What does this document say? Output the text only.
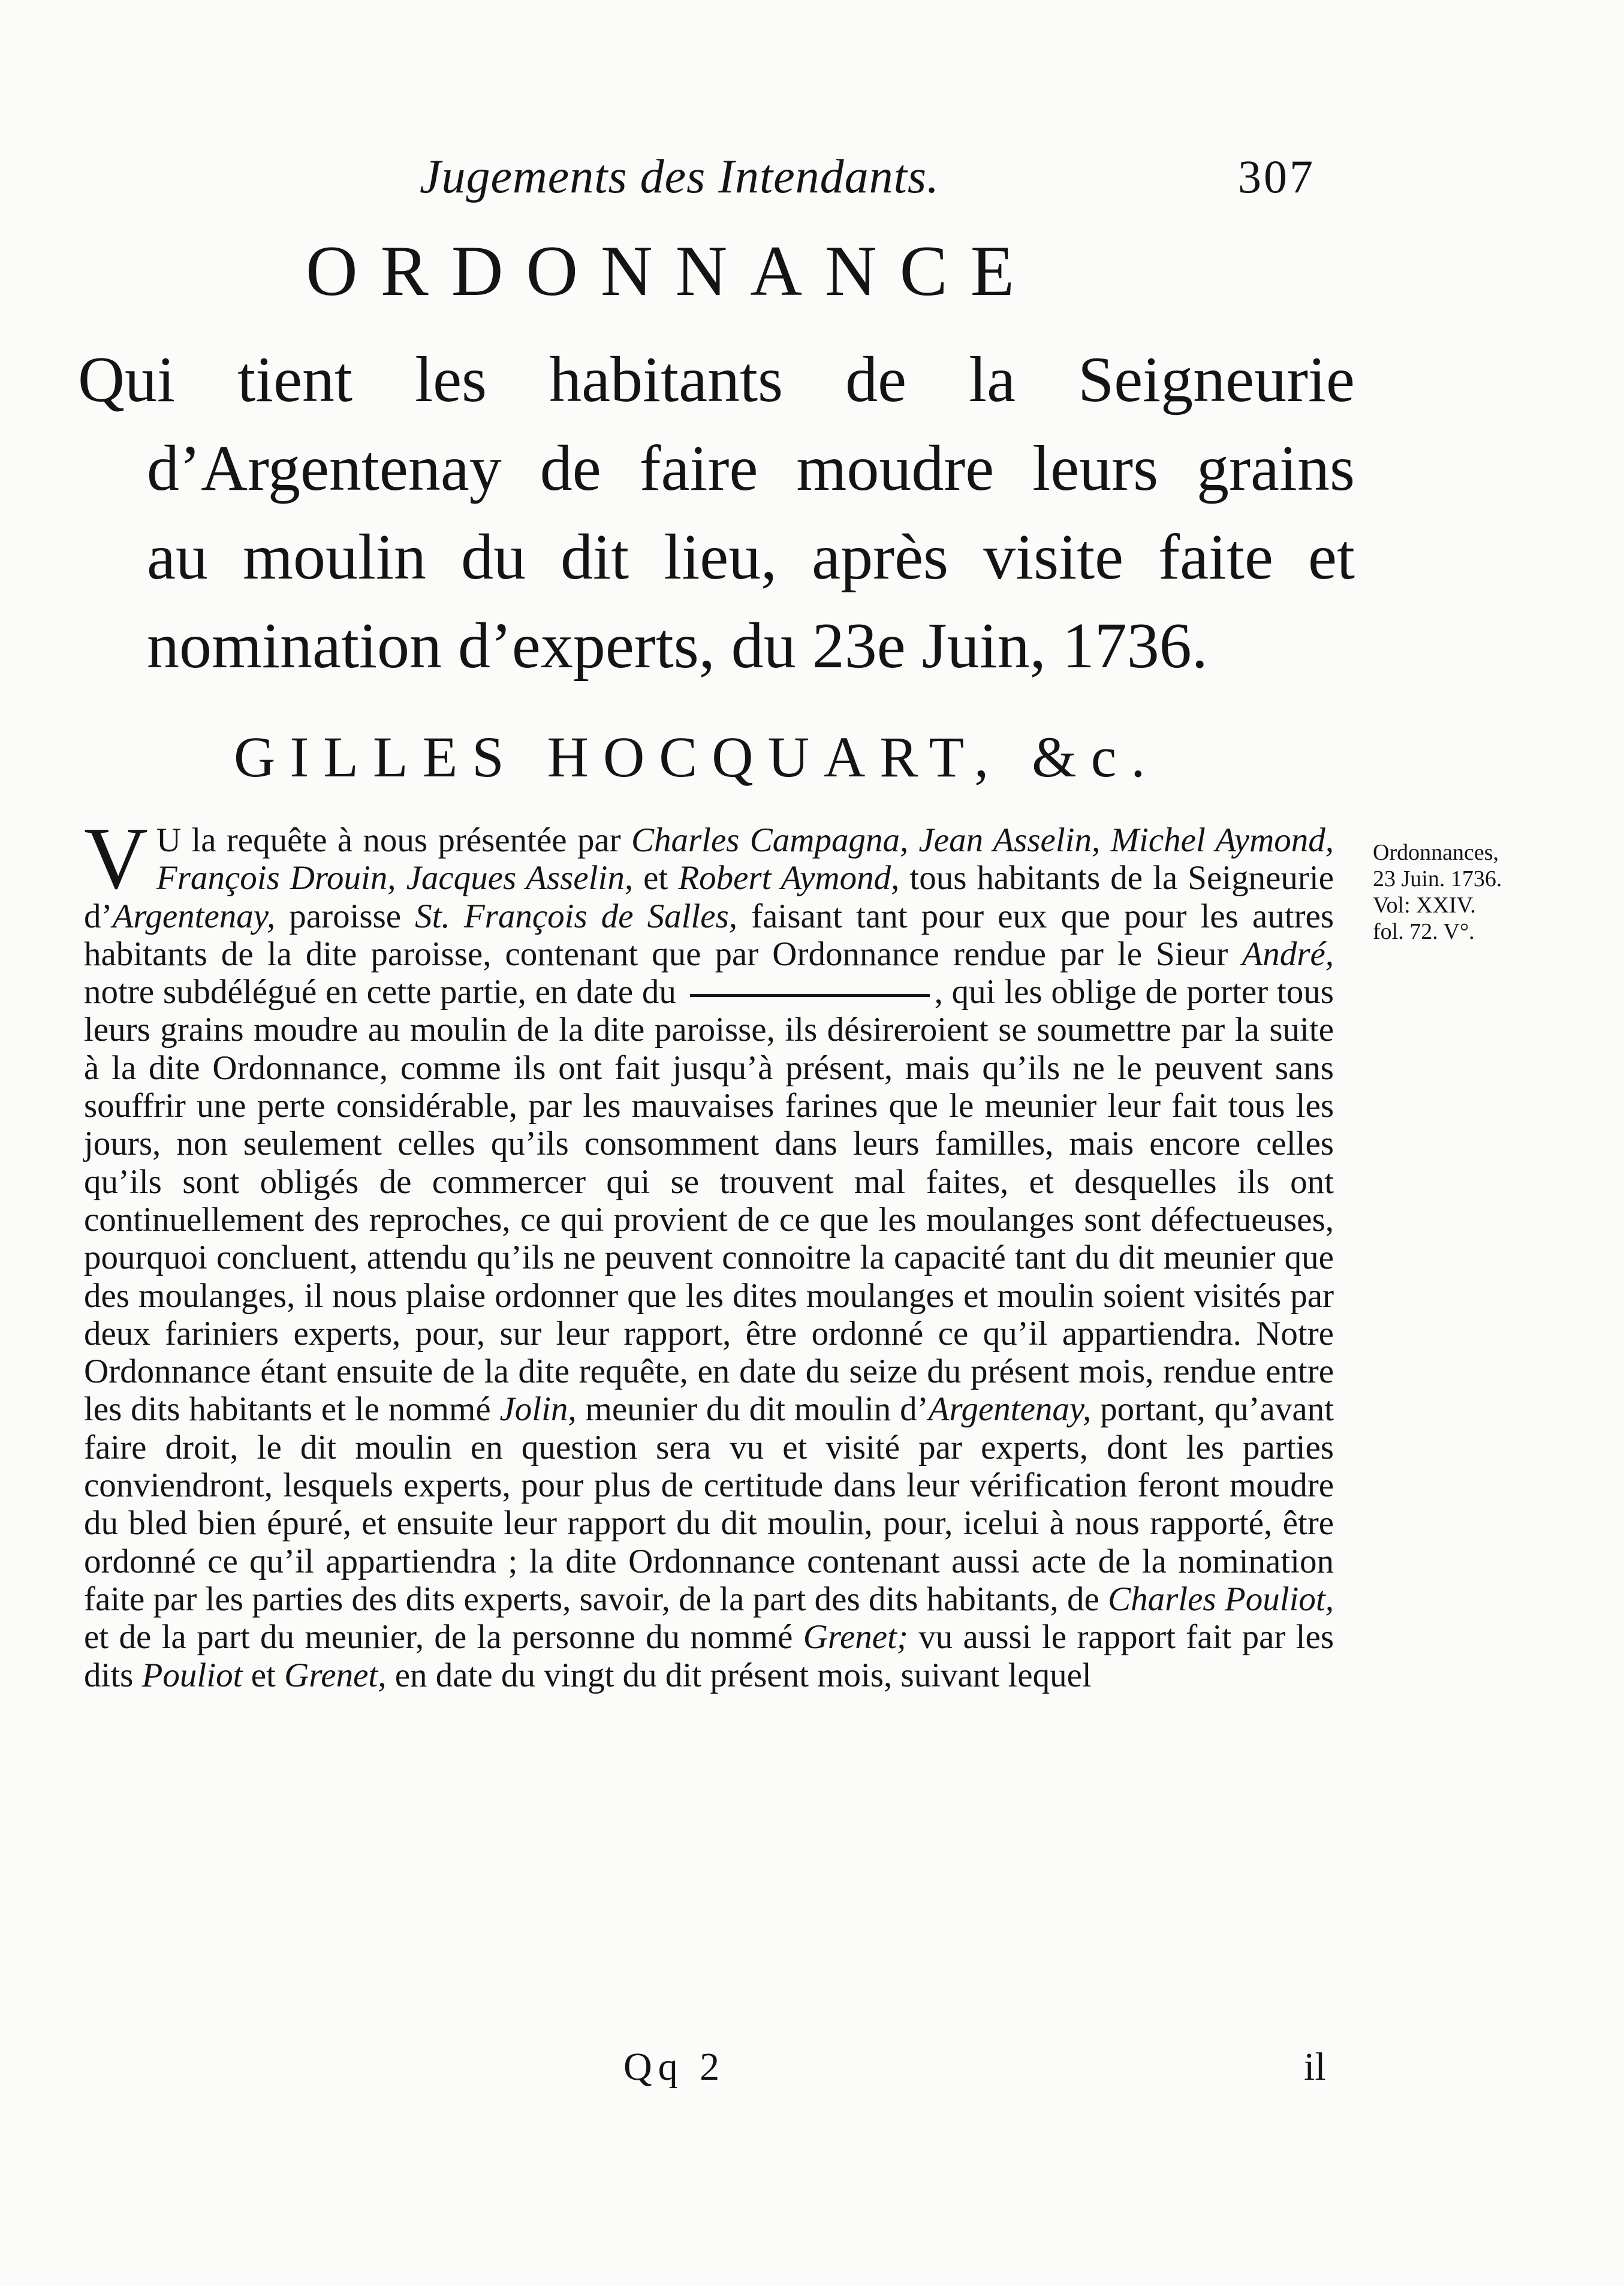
Jugements des Intendants.	307
ORDONNANCE
Qui tient les habitants de la Seigneurie
d’Argentenay de faire moudre leurs grains
au moulin du dit lieu, après visite faite et
nomination d’experts, du 23e Juin, 1736.
GILLES HOCQUART, &c.
V U la requête à nous présentée par Charles Campagna, Jean Asselin, Michel Aymond, François Drouin, Jacques Asselin, et Robert Aymond, tous habitants de la Seigneurie d’Argentenay, paroisse St. François de Salles, faisant tant pour eux que pour les autres habitants de la dite paroisse, contenant que par Ordonnance rendue par le Sieur André, notre subdélégué en cette partie, en date du	, qui les oblige de porter tous leurs grains moudre au moulin de la dite paroisse, ils désireroient se soumettre par la suite à la dite Ordonnance, comme ils ont fait jusqu’à présent, mais qu’ils ne le peuvent sans souffrir une perte considérable, par les mauvaises farines que le meunier leur fait tous les jours, non seulement celles qu’ils consomment dans leurs familles, mais encore celles qu’ils sont obligés de commercer qui se trouvent mal faites, et desquelles ils ont continuellement des reproches, ce qui provient de ce que les moulanges sont défectueuses, pourquoi concluent, attendu qu’ils ne peuvent connoitre la capacité tant du dit meunier que des moulanges, il nous plaise ordonner que les dites moulanges et moulin soient visités par deux fariniers experts, pour, sur leur rapport, être ordonné ce qu’il appartiendra. Notre Ordonnance étant ensuite de la dite requête, en date du seize du présent mois, rendue entre les dits habitants et le nommé Jolin, meunier du dit moulin d’Argentenay, portant, qu’avant faire droit, le dit moulin en question sera vu et visité par experts, dont les parties conviendront, lesquels experts, pour plus de certitude dans leur vérification feront moudre du bled bien épuré, et ensuite leur rapport du dit moulin, pour, icelui à nous rapporté, être ordonné ce qu’il appartiendra ; la dite Ordonnance contenant aussi acte de la nomination faite par les parties des dits experts, savoir, de la part des dits habitants, de Charles Pouliot, et de la part du meunier, de la personne du nommé Grenet; vu aussi le rapport fait par les dits Pouliot et Grenet, en date du vingt du dit présent mois, suivant lequel
Ordonnances,
23 Juin. 1736.
Vol: XXIV.
fol. 72. V°.
Qq 2	il
